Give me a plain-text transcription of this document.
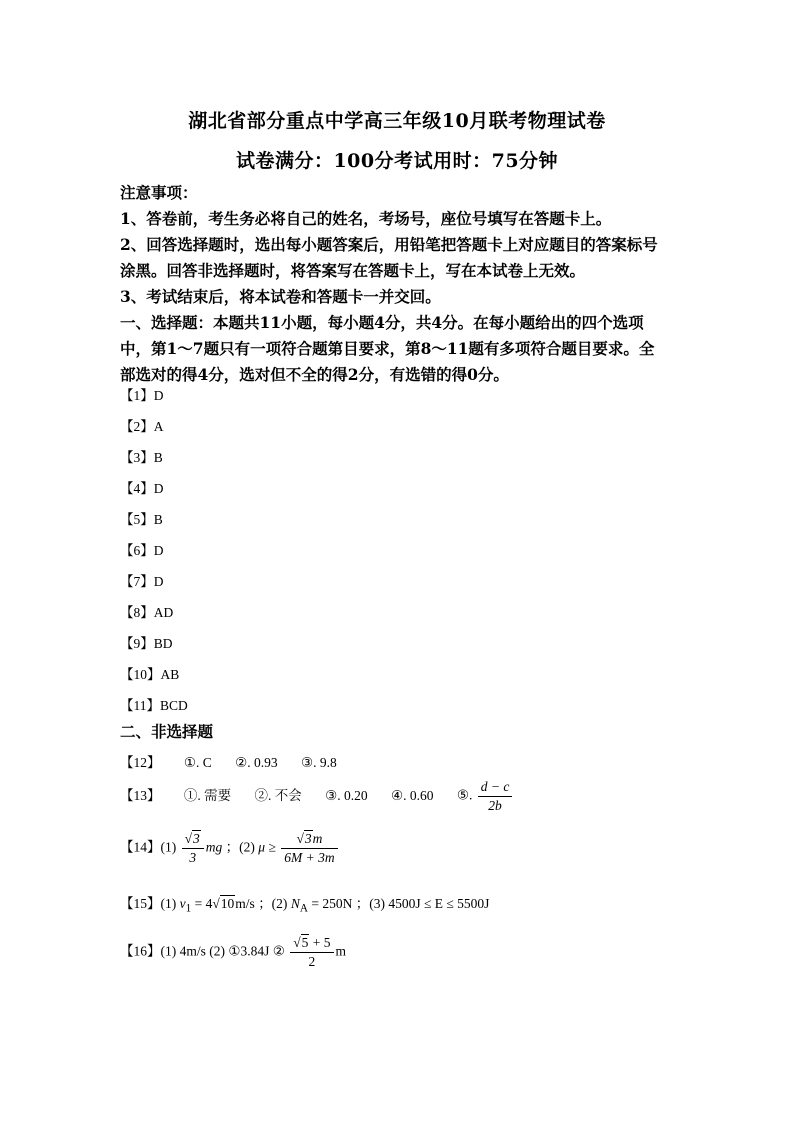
湖北省部分重点中学高三年级10月联考物理试卷
试卷满分：100分考试用时：75分钟
注意事项：
1、答卷前，考生务必将自己的姓名，考场号，座位号填写在答题卡上。
2、回答选择题时，选出每小题答案后，用铅笔把答题卡上对应题目的答案标号
涂黑。回答非选择题时，将答案写在答题卡上，写在本试卷上无效。
3、考试结束后，将本试卷和答题卡一并交回。
一、选择题：本题共11小题，每小题4分，共4分。在每小题给出的四个选项
中，第1～7题只有一项符合题第目要求，第8～11题有多项符合题目要求。全
部选对的得4分，选对但不全的得2分，有选错的得0分。
【1】D
【2】A
【3】B
【4】D
【5】B
【6】D
【7】D
【8】AD
【9】BD
【10】AB
【11】BCD
二、非选择题
【12】 ①. C ②. 0.93 ③. 9.8
【13】 ①. 需要 ②. 不会 ③. 0.20 ④. 0.60 ⑤. $\frac{d - c}{2b}$
【14】$(1) \frac{√3}{3}$ mg ；(2) $\mu \ge \frac{√3m}{6M + 3m}$
【15】(1) $v_1 = 4√10m/s$ ；(2) $N_A = 250N$ ；(3) 4500J ≤ E ≤ 5500J
【16】(1) 4m/s (2) ①3.84J ② $\frac{√5 + 5}{2}$ m
